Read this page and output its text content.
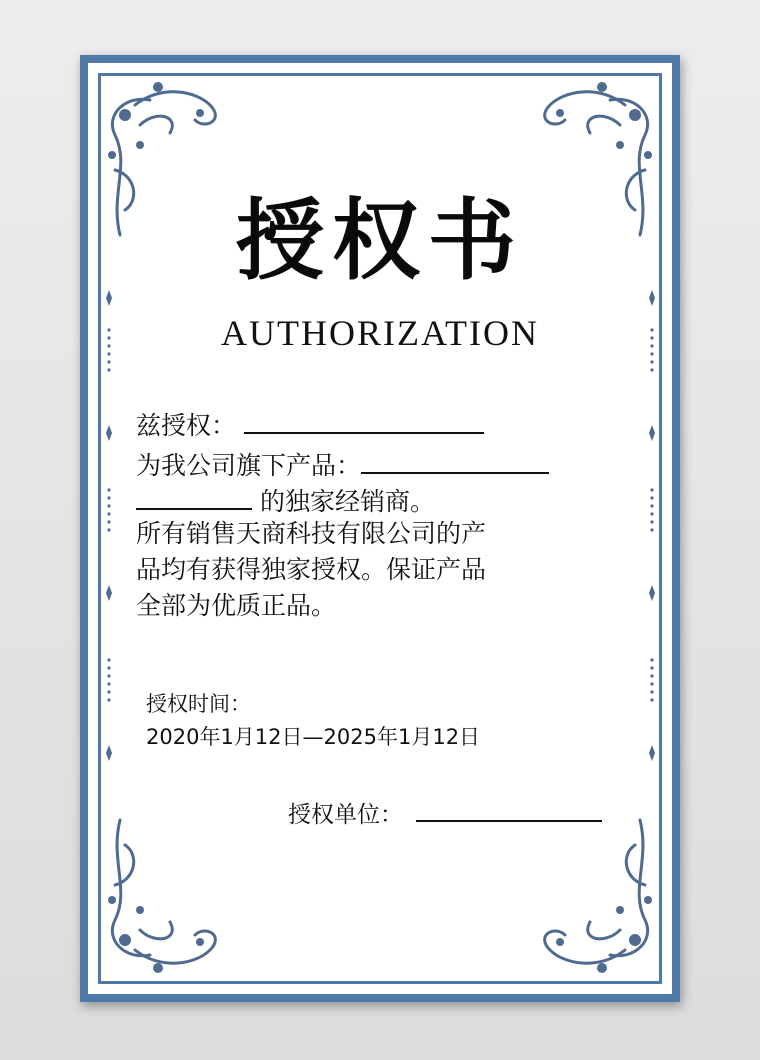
授权书
AUTHORIZATION
兹授权：
为我公司旗下产品：
的独家经销商。
所有销售天商科技有限公司的产
品均有获得独家授权。保证产品
全部为优质正品。
授权时间：
2020年1月12日—2025年1月12日
授权单位：
